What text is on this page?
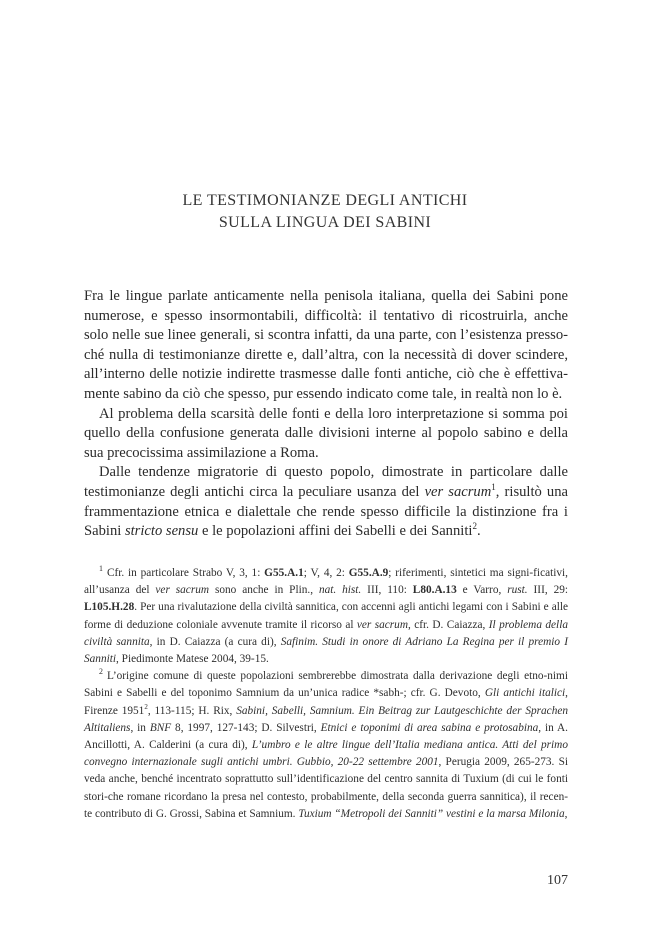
LE TESTIMONIANZE DEGLI ANTICHI
SULLA LINGUA DEI SABINI

Fra le lingue parlate anticamente nella penisola italiana, quella dei Sabini pone numerose, e spesso insormontabili, difficoltà: il tentativo di ricostruirla, anche solo nelle sue linee generali, si scontra infatti, da una parte, con l’esistenza presso-ché nulla di testimonianze dirette e, dall’altra, con la necessità di dover scindere, all’interno delle notizie indirette trasmesse dalle fonti antiche, ciò che è effettiva-mente sabino da ciò che spesso, pur essendo indicato come tale, in realtà non lo è.

Al problema della scarsità delle fonti e della loro interpretazione si somma poi quello della confusione generata dalle divisioni interne al popolo sabino e della sua precocissima assimilazione a Roma.

Dalle tendenze migratorie di questo popolo, dimostrate in particolare dalle testimonianze degli antichi circa la peculiare usanza del ver sacrum$^1$, risultò una frammentazione etnica e dialettale che rende spesso difficile la distinzione fra i Sabini stricto sensu e le popolazioni affini dei Sabelli e dei Sanniti$^2$.

$^1$ Cfr. in particolare Strabo V, 3, 1: G55.A.1; V, 4, 2: G55.A.9; riferimenti, sintetici ma signi-ficativi, all’usanza del ver sacrum sono anche in Plin., nat. hist. III, 110: L80.A.13 e Varro, rust. III, 29: L105.H.28. Per una rivalutazione della civiltà sannitica, con accenni agli antichi legami con i Sabini e alle forme di deduzione coloniale avvenute tramite il ricorso al ver sacrum, cfr. D. Caiazza, Il problema della civiltà sannita, in D. Caiazza (a cura di), Safinim. Studi in onore di Adriano La Regina per il premio I Sanniti, Piedimonte Matese 2004, 39-15.

$^2$ L’origine comune di queste popolazioni sembrerebbe dimostrata dalla derivazione degli etno-nimi Sabini e Sabelli e del toponimo Samnium da un’unica radice *sabh-; cfr. G. Devoto, Gli antichi italici, Firenze 1951$^2$, 113-115; H. Rix, Sabini, Sabelli, Samnium. Ein Beitrag zur Lautgeschichte der Sprachen Altitaliens, in BNF 8, 1997, 127-143; D. Silvestri, Etnici e toponimi di area sabina e protosabina, in A. Ancillotti, A. Calderini (a cura di), L’umbro e le altre lingue dell’Italia mediana antica. Atti del primo convegno internazionale sugli antichi umbri. Gubbio, 20-22 settembre 2001, Perugia 2009, 265-273. Si veda anche, benché incentrato soprattutto sull’identificazione del centro sannita di Tuxium (di cui le fonti stori-che romane ricordano la presa nel contesto, probabilmente, della seconda guerra sannitica), il recen-te contributo di G. Grossi, Sabina et Samnium. Tuxium “Metropoli dei Sanniti” vestini e la marsa Milonia,

107
